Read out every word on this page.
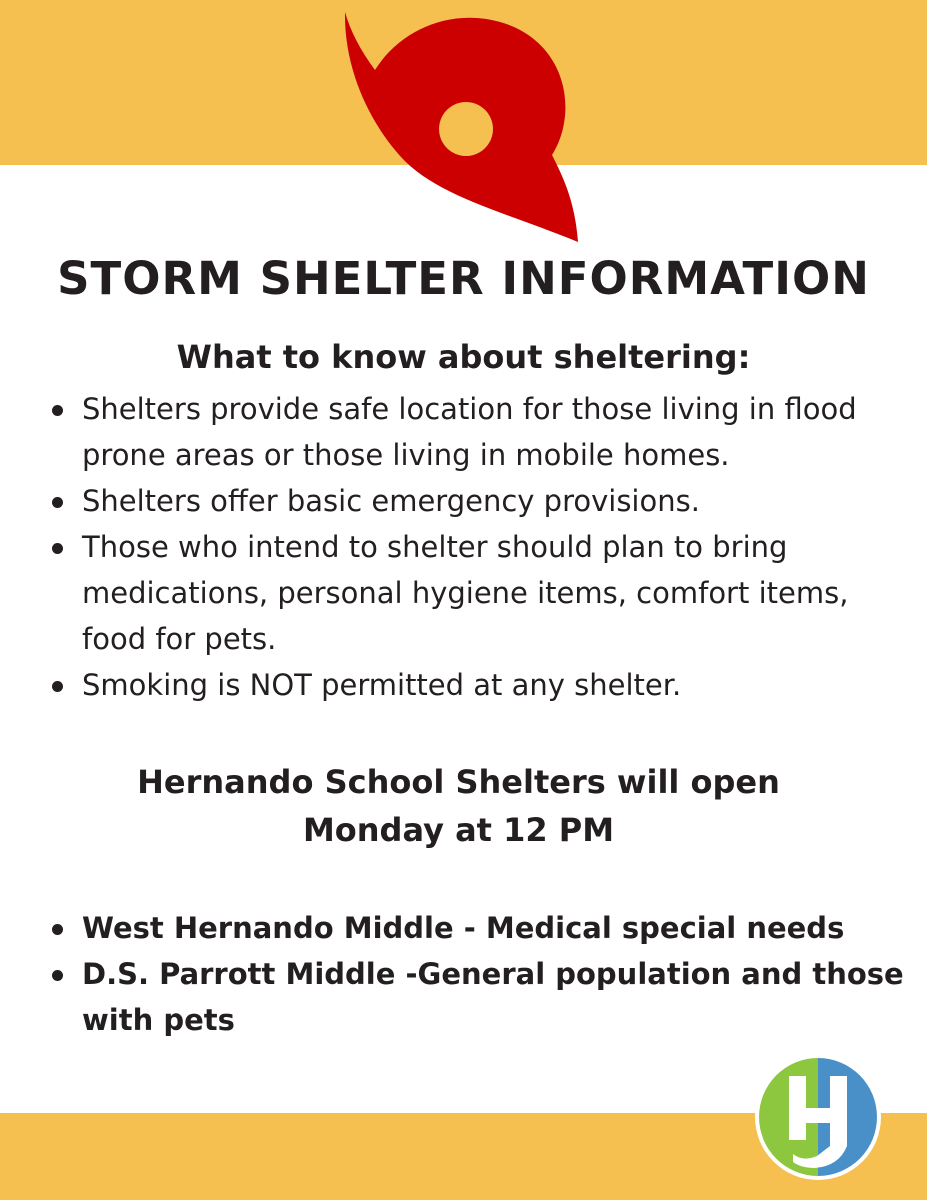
STORM SHELTER INFORMATION
What to know about sheltering:
Shelters provide safe location for those living in flood prone areas or those living in mobile homes.
Shelters offer basic emergency provisions.
Those who intend to shelter should plan to bring medications, personal hygiene items, comfort items, food for pets.
Smoking is NOT permitted at any shelter.
Hernando School Shelters will open
Monday at 12 PM
West Hernando Middle - Medical special needs
D.S. Parrott Middle -General population and those with pets
